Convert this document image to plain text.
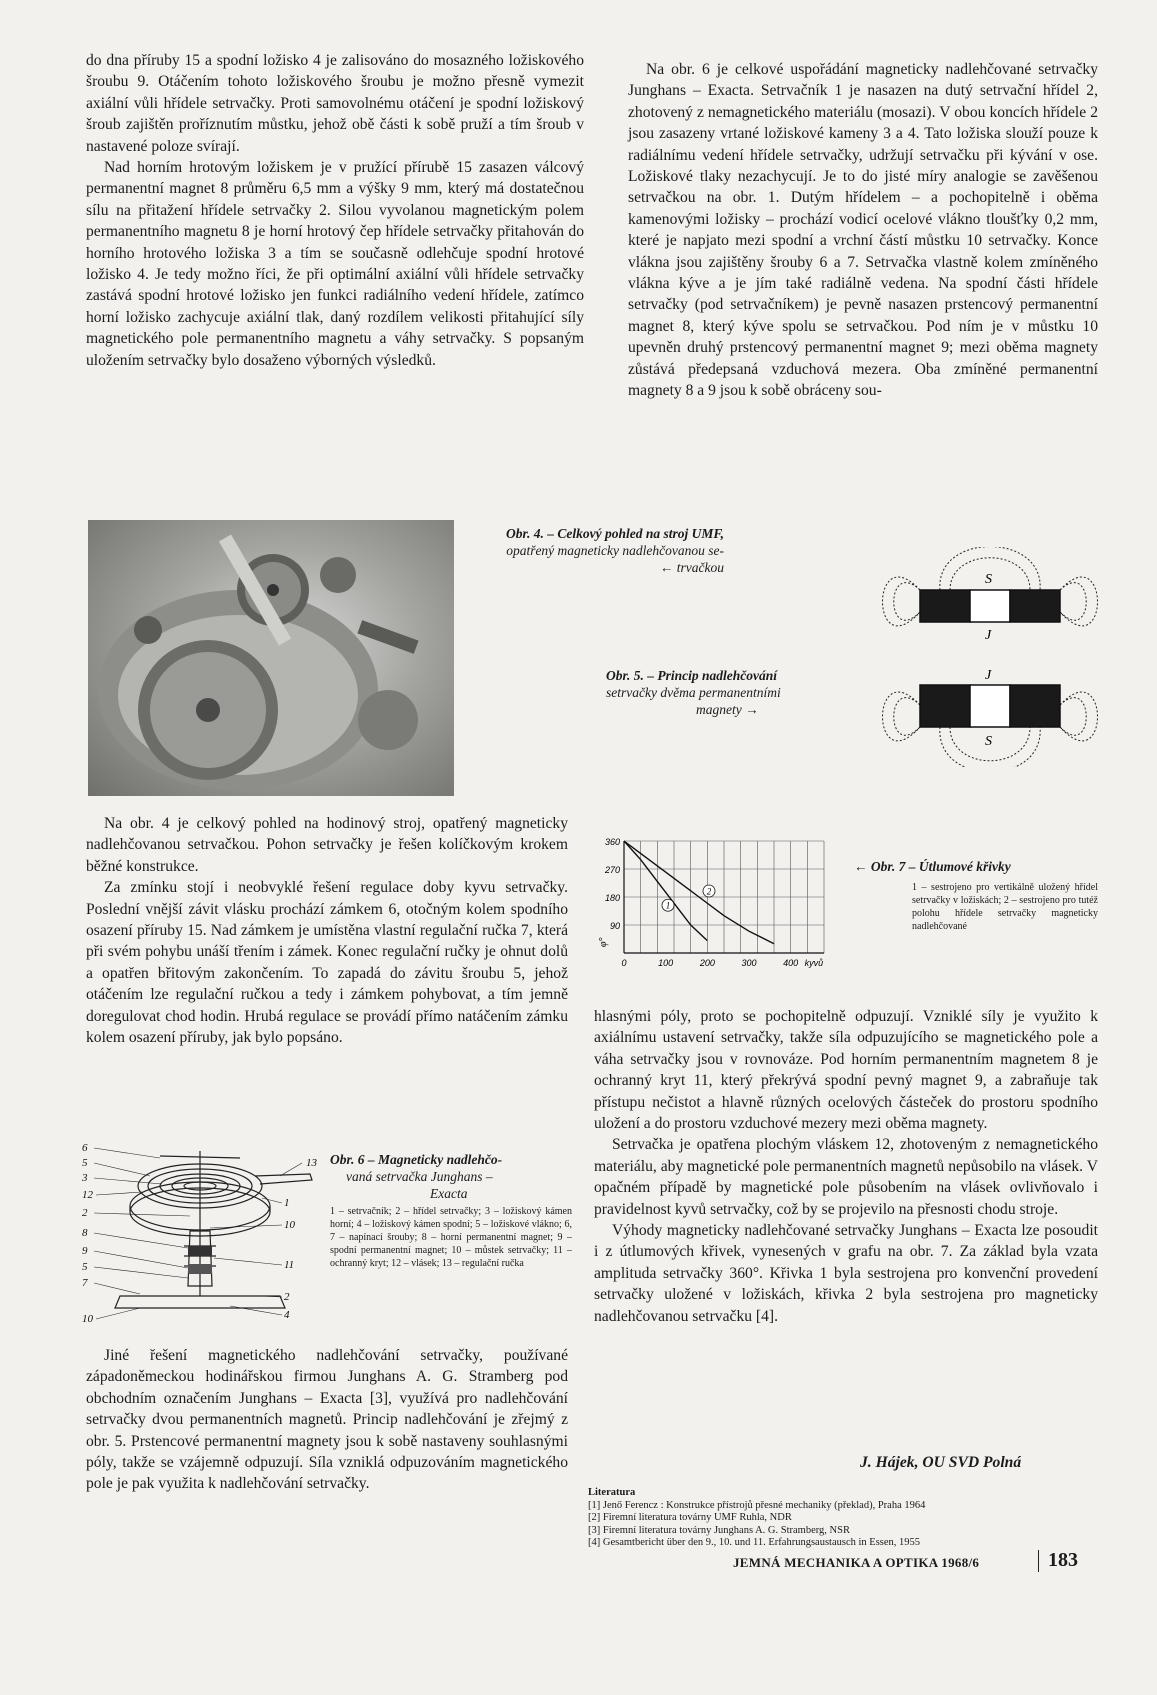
do dna příruby 15 a spodní ložisko 4 je zalisováno do mosazného ložiskového šroubu 9. Otáčením tohoto ložiskového šroubu je možno přesně vymezit axiální vůli hřídele setrvačky. Proti samovolnému otáčení je spodní ložiskový šroub zajištěn proříznutím můstku, jehož obě části k sobě pruží a tím šroub v nastavené poloze svírají.

Nad horním hrotovým ložiskem je v pružící přírubě 15 zasazen válcový permanentní magnet 8 průměru 6,5 mm a výšky 9 mm, který má dostatečnou sílu na přitažení hřídele setrvačky 2. Silou vyvolanou magnetickým polem permanentního magnetu 8 je horní hrotový čep hřídele setrvačky přitahován do horního hrotového ložiska 3 a tím se současně odlehčuje spodní hrotové ložisko 4. Je tedy možno říci, že při optimální axiální vůli hřídele setrvačky zastává spodní hrotové ložisko jen funkci radiálního vedení hřídele, zatímco horní ložisko zachycuje axiální tlak, daný rozdílem velikosti přitahující síly magnetického pole permanentního magnetu a váhy setrvačky. S popsaným uložením setrvačky bylo dosaženo výborných výsledků.

Na obr. 6 je celkové uspořádání magneticky nadlehčované setrvačky Junghans – Exacta. Setrvačník 1 je nasazen na dutý setrvační hřídel 2, zhotovený z nemagnetického materiálu (mosazi). V obou koncích hřídele 2 jsou zasazeny vrtané ložiskové kameny 3 a 4. Tato ložiska slouží pouze k radiálnímu vedení hřídele setrvačky, udržují setrvačku při kývání v ose. Ložiskové tlaky nezachycují. Je to do jisté míry analogie se zavěšenou setrvačkou na obr. 1. Dutým hřídelem – a pochopitelně i oběma kamenovými ložisky – prochází vodicí ocelové vlákno tloušťky 0,2 mm, které je napjato mezi spodní a vrchní částí můstku 10 setrvačky. Konce vlákna jsou zajištěny šrouby 6 a 7. Setrvačka vlastně kolem zmíněného vlákna kýve a je jím také radiálně vedena. Na spodní části hřídele setrvačky (pod setrvačníkem) je pevně nasazen prstencový permanentní magnet 8, který kýve spolu se setrvačkou. Pod ním je v můstku 10 upevněn druhý prstencový permanentní magnet 9; mezi oběma magnety zůstává předepsaná vzduchová mezera. Oba zmíněné permanentní magnety 8 a 9 jsou k sobě obráceny sou-

Obr. 4. – Celkový pohled na stroj UMF,
opatřený magneticky nadlehčovanou se-
← trvačkou
Obr. 5. – Princip nadlehčování
setrvačky dvěma permanentními
magnety →
S
J
J
S
360
270
180
90
0	100	200	300	400 kyvů
φ°
1
2
← Obr. 7 – Útlumové křivky
1 – sestrojeno pro vertikálně uložený hřídel setrvačky v ložiskách; 2 – sestrojeno pro tutéž polohu hřídele setrvačky magneticky nadlehčované

Na obr. 4 je celkový pohled na hodinový stroj, opatřený magneticky nadlehčovanou setrvačkou. Pohon setrvačky je řešen kolíčkovým krokem běžné konstrukce.

Za zmínku stojí i neobvyklé řešení regulace doby kyvu setrvačky. Poslední vnější závit vlásku prochází zámkem 6, otočným kolem spodního osazení příruby 15. Nad zámkem je umístěna vlastní regulační ručka 7, která při svém pohybu unáší třením i zámek. Konec regulační ručky je ohnut dolů a opatřen břitovým zakončením. To zapadá do závitu šroubu 5, jehož otáčením lze regulační ručkou a tedy i zámkem pohybovat, a tím jemně doregulovat chod hodin. Hrubá regulace se provádí přímo natáčením zámku kolem osazení příruby, jak bylo popsáno.

6
5
3
12
2
8
9
5
7
10
13
1
10
11
2
4
Obr. 6 – Magneticky nadlehčo-
vaná setrvačka Junghans –
Exacta
1 – setrvačník; 2 – hřídel setrvačky; 3 – ložiskový kámen horní; 4 – ložiskový kámen spodní; 5 – ložiskové vlákno; 6, 7 – napínací šrouby; 8 – horní permanentní magnet; 9 – spodní permanentní magnet; 10 – můstek setrvačky; 11 – ochranný kryt; 12 – vlásek; 13 – regulační ručka

Jiné řešení magnetického nadlehčování setrvačky, používané západoněmeckou hodinářskou firmou Junghans A. G. Stramberg pod obchodním označením Junghans – Exacta [3], využívá pro nadlehčování setrvačky dvou permanentních magnetů. Princip nadlehčování je zřejmý z obr. 5. Prstencové permanentní magnety jsou k sobě nastaveny souhlasnými póly, takže se vzájemně odpuzují. Síla vzniklá odpuzováním magnetického pole je pak využita k nadlehčování setrvačky.

hlasnými póly, proto se pochopitelně odpuzují. Vzniklé síly je využito k axiálnímu ustavení setrvačky, takže síla odpuzujícího se magnetického pole a váha setrvačky jsou v rovnováze. Pod horním permanentním magnetem 8 je ochranný kryt 11, který překrývá spodní pevný magnet 9, a zabraňuje tak přístupu nečistot a hlavně různých ocelových částeček do prostoru spodního uložení a do prostoru vzduchové mezery mezi oběma magnety.

Setrvačka je opatřena plochým vláskem 12, zhotoveným z nemagnetického materiálu, aby magnetické pole permanentních magnetů nepůsobilo na vlásek. V opačném případě by magnetické pole působením na vlásek ovlivňovalo i pravidelnost kyvů setrvačky, což by se projevilo na přesnosti chodu stroje.

Výhody magneticky nadlehčované setrvačky Junghans – Exacta lze posoudit i z útlumových křivek, vynesených v grafu na obr. 7. Za základ byla vzata amplituda setrvačky 360°. Křivka 1 byla sestrojena pro konvenční provedení setrvačky uložené v ložiskách, křivka 2 byla sestrojena pro magneticky nadlehčovanou setrvačku [4].

J. Hájek, OU SVD Polná
Literatura
[1] Jenő Ferencz : Konstrukce přístrojů přesné mechaniky (překlad), Praha 1964
[2] Firemní literatura továrny UMF Ruhla, NDR
[3] Firemní literatura továrny Junghans A. G. Stramberg, NSR
[4] Gesamtbericht über den 9., 10. und 11. Erfahrungsaustausch in Essen, 1955
JEMNÁ MECHANIKA A OPTIKA 1968/6	183
